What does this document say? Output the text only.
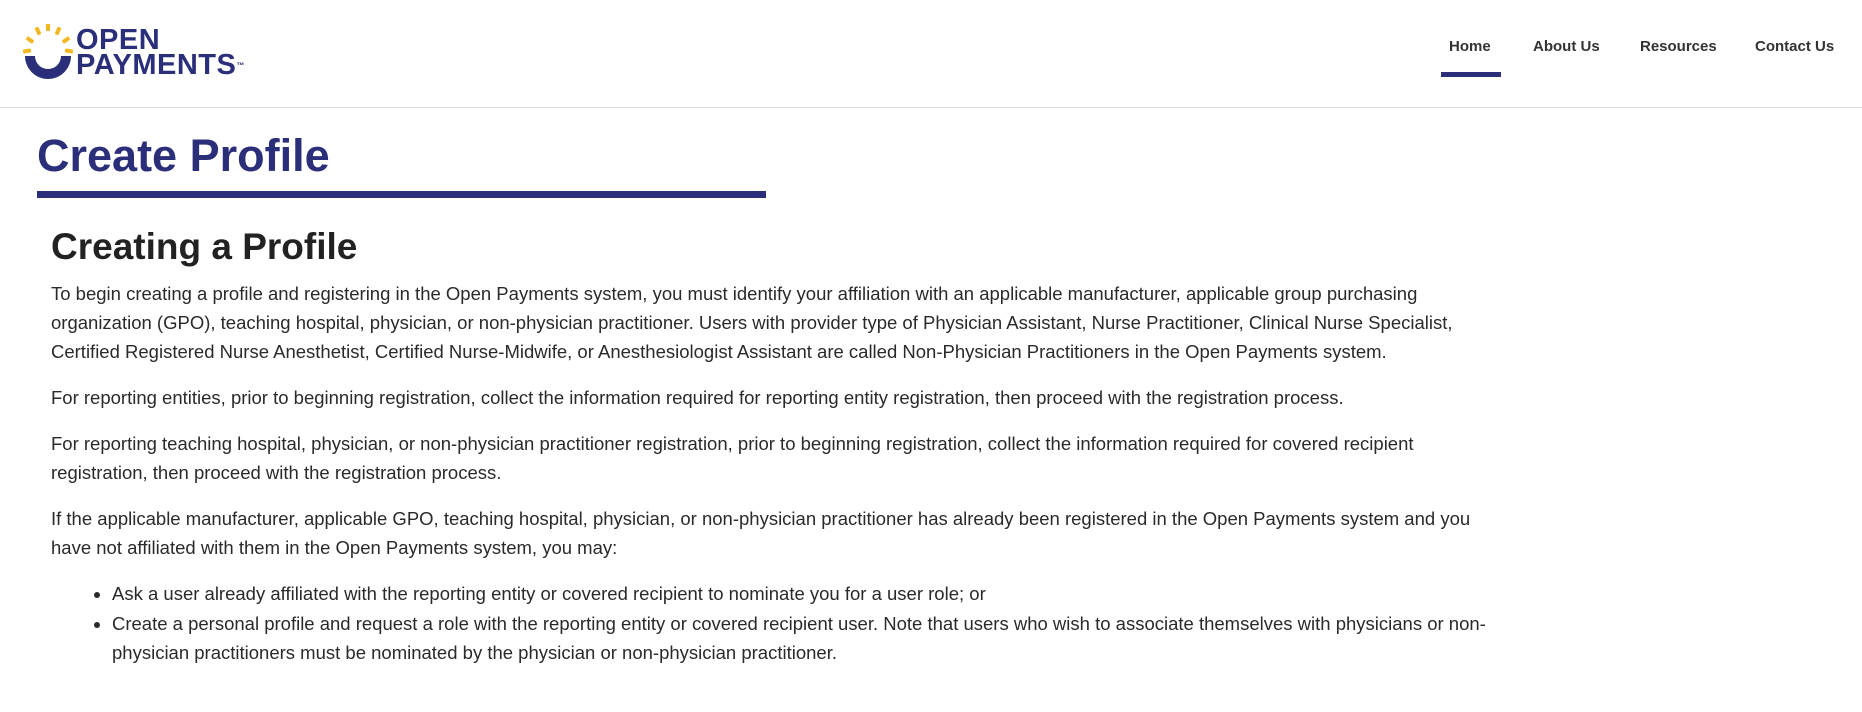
OPEN
PAYMENTS™
Home	About Us	Resources	Contact Us
Create Profile
Creating a Profile

To begin creating a profile and registering in the Open Payments system, you must identify your affiliation with an applicable manufacturer, applicable group purchasing organization (GPO), teaching hospital, physician, or non-physician practitioner. Users with provider type of Physician Assistant, Nurse Practitioner, Clinical Nurse Specialist, Certified Registered Nurse Anesthetist, Certified Nurse-Midwife, or Anesthesiologist Assistant are called Non-Physician Practitioners in the Open Payments system.

For reporting entities, prior to beginning registration, collect the information required for reporting entity registration, then proceed with the registration process.

For reporting teaching hospital, physician, or non-physician practitioner registration, prior to beginning registration, collect the information required for covered recipient registration, then proceed with the registration process.

If the applicable manufacturer, applicable GPO, teaching hospital, physician, or non-physician practitioner has already been registered in the Open Payments system and you have not affiliated with them in the Open Payments system, you may:

• Ask a user already affiliated with the reporting entity or covered recipient to nominate you for a user role; or
• Create a personal profile and request a role with the reporting entity or covered recipient user. Note that users who wish to associate themselves with physicians or non-physician practitioners must be nominated by the physician or non-physician practitioner.
